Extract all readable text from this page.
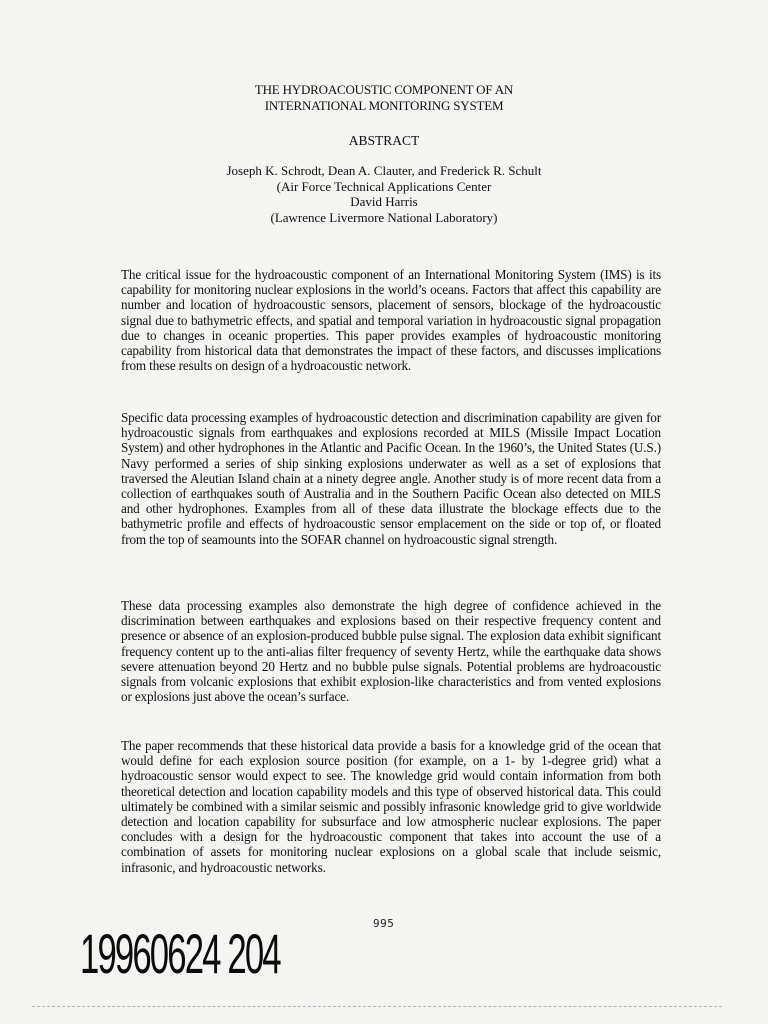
THE HYDROACOUSTIC COMPONENT OF AN
INTERNATIONAL MONITORING SYSTEM
ABSTRACT
Joseph K. Schrodt, Dean A. Clauter, and Frederick R. Schult
(Air Force Technical Applications Center
David Harris
(Lawrence Livermore National Laboratory)

The critical issue for the hydroacoustic component of an International Monitoring System (IMS) is its capability for monitoring nuclear explosions in the world’s oceans. Factors that affect this capability are number and location of hydroacoustic sensors, placement of sensors, blockage of the hydroacoustic signal due to bathymetric effects, and spatial and temporal variation in hydroacoustic signal propagation due to changes in oceanic properties. This paper provides examples of hydroacoustic monitoring capability from historical data that demonstrates the impact of these factors, and discusses implications from these results on design of a hydroacoustic network.

Specific data processing examples of hydroacoustic detection and discrimination capability are given for hydroacoustic signals from earthquakes and explosions recorded at MILS (Missile Impact Location System) and other hydrophones in the Atlantic and Pacific Ocean. In the 1960’s, the United States (U.S.) Navy performed a series of ship sinking explosions underwater as well as a set of explosions that traversed the Aleutian Island chain at a ninety degree angle. Another study is of more recent data from a collection of earthquakes south of Australia and in the Southern Pacific Ocean also detected on MILS and other hydrophones. Examples from all of these data illustrate the blockage effects due to the bathymetric profile and effects of hydroacoustic sensor emplacement on the side or top of, or floated from the top of seamounts into the SOFAR channel on hydroacoustic signal strength.

These data processing examples also demonstrate the high degree of confidence achieved in the discrimination between earthquakes and explosions based on their respective frequency content and presence or absence of an explosion-produced bubble pulse signal. The explosion data exhibit significant frequency content up to the anti-alias filter frequency of seventy Hertz, while the earthquake data shows severe attenuation beyond 20 Hertz and no bubble pulse signals. Potential problems are hydroacoustic signals from volcanic explosions that exhibit explosion-like characteristics and from vented explosions or explosions just above the ocean’s surface.

The paper recommends that these historical data provide a basis for a knowledge grid of the ocean that would define for each explosion source position (for example, on a 1- by 1-degree grid) what a hydroacoustic sensor would expect to see. The knowledge grid would contain information from both theoretical detection and location capability models and this type of observed historical data. This could ultimately be combined with a similar seismic and possibly infrasonic knowledge grid to give worldwide detection and location capability for subsurface and low atmospheric nuclear explosions. The paper concludes with a design for the hydroacoustic component that takes into account the use of a combination of assets for monitoring nuclear explosions on a global scale that include seismic, infrasonic, and hydroacoustic networks.

995
19960624 204
